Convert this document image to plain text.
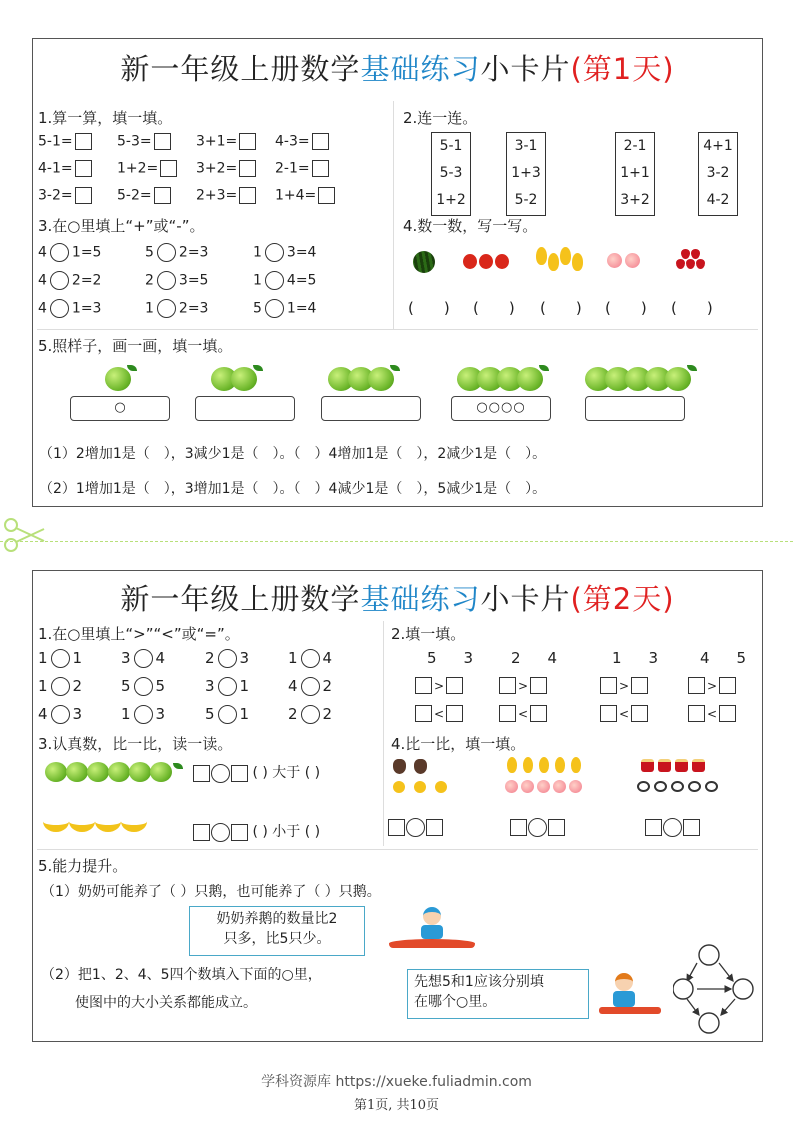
新一年级上册数学基础练习小卡片(第1天)
1.算一算，填一填。
5-1=	5-3=	3+1=	4-3=
4-1=	1+2=	3+2=	2-1=
3-2=	5-2=	2+3=	1+4=
2.连一连。
5-1
5-3
1+2
3-1
1+3
5-2
2-1
1+1
3+2
4+1
3-2
4-2
3.在○里填上“+”或“-”。
4 1=5	5 2=3	1 3=4
4 2=2	2 3=5	1 4=5
4 1=3	1 2=3	5 1=4
4.数一数，写一写。
(　　) (　　) (　　) (　　) (　　)
5.照样子，画一画，填一填。
○	○○○○
（1）2增加1是（　），3减少1是（　）。（　）4增加1是（　），2减少1是（　）。
（2）1增加1是（　），3增加1是（　）。（　）4减少1是（　），5减少1是（　）。
新一年级上册数学基础练习小卡片(第2天)
1.在○里填上“>”“<”或“=”。
1 1	3 4	2 3	1 4
1 2	5 5	3 1	4 2
4 3	1 3	5 1	2 2
2.填一填。
5 3
>
<
2 4
>
<
1 3
>
<
4 5
>
<
3.认真数，比一比，读一读。
( ) 大于 ( )
( ) 小于 ( )
4.比一比，填一填。
5.能力提升。
（1）奶奶可能养了（ ）只鹅，也可能养了（ ）只鹅。
奶奶养鹅的数量比2
只多，比5只少。
（2）把1、2、4、5四个数填入下面的○里，
使图中的大小关系都能成立。
先想5和1应该分别填
在哪个○里。
学科资源库 https://xueke.fuliadmin.com
第1页, 共10页
